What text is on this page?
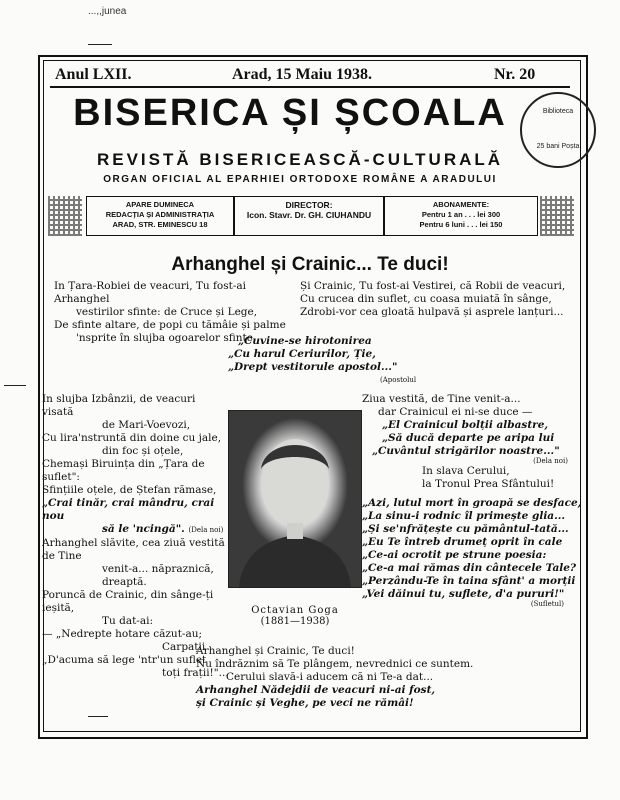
...,,junea
Anul LXII.	Arad, 15 Maiu 1938.	Nr. 20
BISERICA ȘI ȘCOALA
REVISTĂ BISERICEASCĂ-CULTURALĂ
ORGAN OFICIAL AL EPARHIEI ORTODOXE ROMÂNE A ARADULUI
Biblioteca
25 bani Poșta
APARE DUMINECA
REDACȚIA ȘI ADMINISTRAȚIA
ARAD, STR. EMINESCU 18
DIRECTOR:
Icon. Stavr. Dr. GH. CIUHANDU
ABONAMENTE:
Pentru 1 an . . . lei 300
Pentru 6 luni . . . lei 150
Arhanghel și Crainic... Te duci!
In Țara-Robiei de veacuri, Tu fost-ai Arhanghel
vestirilor sfinte: de Cruce și Lege,
De sfinte altare, de popi cu tămâie și palme
'nsprite în slujba ogoarelor sfinte.
Și Crainic, Tu fost-ai Vestirei, că Robii de veacuri,
Cu crucea din suflet, cu coasa muiată în sânge,
Zdrobi-vor cea gloată hulpavă și asprele lanțuri...
„Cuvine-se hirotonirea
„Cu harul Ceriurilor, Ție,
„Drept vestitorule apostol..."
(Apostolul
In slujba Izbânzii, de veacuri visată
de Mari-Voevozi,
Cu lira'nstruntă din doine cu jale,
din foc și oțele,
Chemași Biruința din „Țara de suflet":
Sfințiile oțele, de Ștefan rămase,
„Crai tinăr, crai mândru, crai nou
să le 'ncingă". (Dela noi)
Arhanghel slăvite, cea ziuă vestită de Tine
venit-a... năpraznică, dreaptă.
Poruncă de Crainic, din sânge-ți ieșită,
Tu dat-ai:
— „Nedrepte hotare căzut-au;
Carpații
„D'acuma să lege 'ntr'un suflet
toți frații!"...
Octavian Goga
(1881—1938)
Ziua vestită, de Tine venit-a...
dar Crainicul ei ni-se duce —
„El Crainicul bolții albastre,
„Să ducă departe pe aripa lui
„Cuvântul strigărilor noastre..."
(Dela noi)
In slava Cerului,
la Tronul Prea Sfântului!
„Azi, lutul mort în groapă se desface,
„La sinu-i rodnic îl primește glia...
„Și se'nfrățește cu pământul-tată...
„Eu Te întreb drumeț oprit în cale
„Ce-ai ocrotit pe strune poesia:
„Ce-a mai rămas din cântecele Tale?
„Perzându-Te în taina sfânt' a morții
„Vei dăinui tu, suflete, d'a pururi!"
(Sufletul)
Arhanghel și Crainic, Te duci!
Nu îndrăznim să Te plângem, nevrednici ce suntem.
Cerului slavă-i aducem că ni Te-a dat...
Arhanghel Nădejdii de veacuri ni-ai fost,
și Crainic și Veghe, pe veci ne rămâi!
